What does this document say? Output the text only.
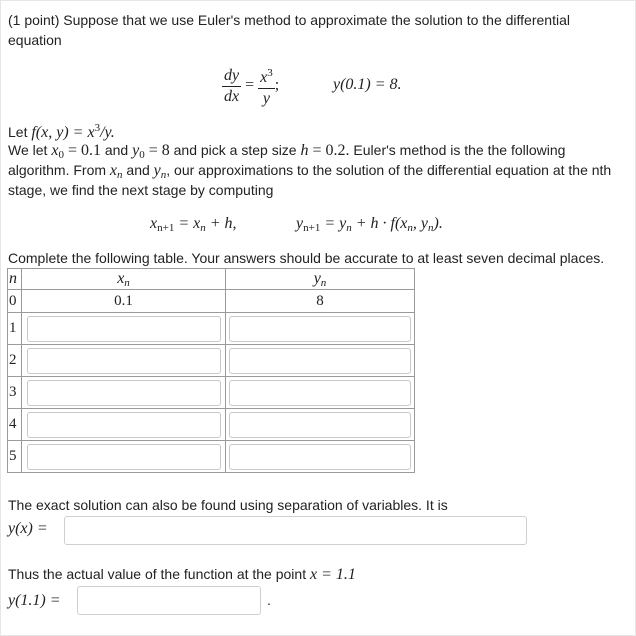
(1 point) Suppose that we use Euler's method to approximate the solution to the differential
equation
$\frac{dy}{dx} = \frac{x^3}{y}$ ;	y(0.1) = 8.
Let f(x, $y) = x^3/y$.
We let $x_0 = 0.1$ and $y_0 = 8$ and pick a step size h = 0.2. Euler's method is the the following
algorithm. From $x_n$ and $y_n$, our approximations to the solution of the differential equation at the nth
stage, we find the next stage by computing
$x_{n+1} = x_n + h$,	$y_{n+1} = y_n + h \cdot f(x_n$, $y_n$).
Complete the following table. Your answers should be accurate to at least seven decimal places.
n	$x_n$	$y_n$
0	0.1	8
1	

2	

3	

4	

5	

The exact solution can also be found using separation of variables. It is
y(x) =
Thus the actual value of the function at the point x = 1.1
y(1.1) =	.
